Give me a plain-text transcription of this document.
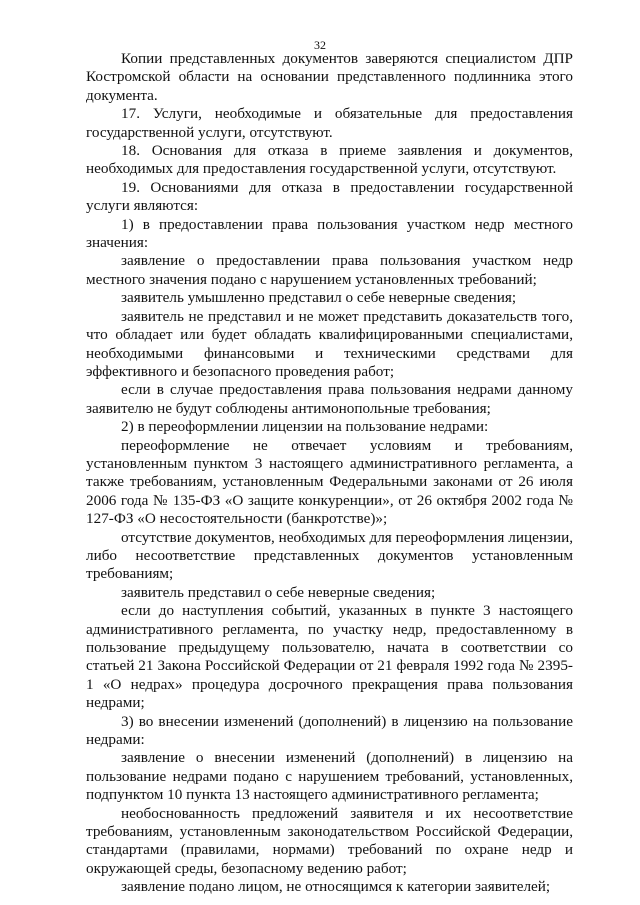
32

Копии представленных документов заверяются специалистом ДПР Костромской области на основании представленного подлинника этого документа.

17. Услуги, необходимые и обязательные для предоставления государственной услуги, отсутствуют.

18. Основания для отказа в приеме заявления и документов, необходимых для предоставления государственной услуги, отсутствуют.

19. Основаниями для отказа в предоставлении государственной услуги являются:

1) в предоставлении права пользования участком недр местного значения:

заявление о предоставлении права пользования участком недр местного значения подано с нарушением установленных требований;

заявитель умышленно представил о себе неверные сведения;

заявитель не представил и не может представить доказательств того, что обладает или будет обладать квалифицированными специалистами, необходимыми финансовыми и техническими средствами для эффективного и безопасного проведения работ;

если в случае предоставления права пользования недрами данному заявителю не будут соблюдены антимонопольные требования;

2) в переоформлении лицензии на пользование недрами:

переоформление не отвечает условиям и требованиям, установленным пунктом 3 настоящего административного регламента, а также требованиям, установленным Федеральными законами от 26 июля 2006 года № 135-ФЗ «О защите конкуренции», от 26 октября 2002 года № 127-ФЗ «О несостоятельности (банкротстве)»;

отсутствие документов, необходимых для переоформления лицензии, либо несоответствие представленных документов установленным требованиям;

заявитель представил о себе неверные сведения;

если до наступления событий, указанных в пункте 3 настоящего административного регламента, по участку недр, предоставленному в пользование предыдущему пользователю, начата в соответствии со статьей 21 Закона Российской Федерации от 21 февраля 1992 года № 2395-1 «О недрах» процедура досрочного прекращения права пользования недрами;

3) во внесении изменений (дополнений) в лицензию на пользование недрами:

заявление о внесении изменений (дополнений) в лицензию на пользование недрами подано с нарушением требований, установленных, подпунктом 10 пункта 13 настоящего административного регламента;

необоснованность предложений заявителя и их несоответствие требованиям, установленным законодательством Российской Федерации, стандартами (правилами, нормами) требований по охране недр и окружающей среды, безопасному ведению работ;

заявление подано лицом, не относящимся к категории заявителей;
